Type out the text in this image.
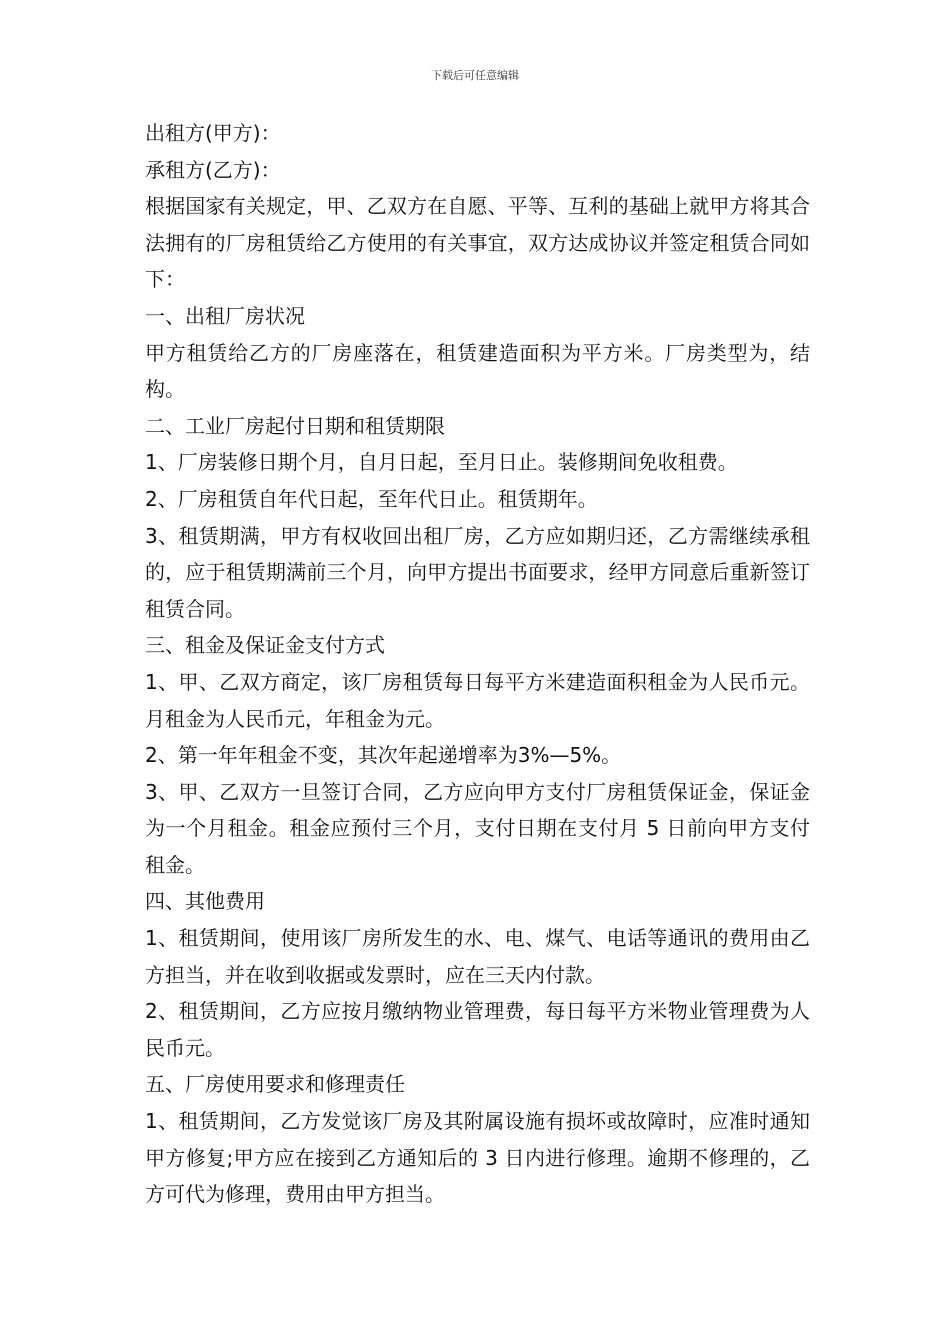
下载后可任意编辑

出租方(甲方)：

承租方(乙方)：

根据国家有关规定，甲、乙双方在自愿、平等、互利的基础上就甲方将其合法拥有的厂房租赁给乙方使用的有关事宜，双方达成协议并签定租赁合同如下：

一、出租厂房状况

甲方租赁给乙方的厂房座落在，租赁建造面积为平方米。厂房类型为，结构。

二、工业厂房起付日期和租赁期限

1、厂房装修日期个月，自月日起，至月日止。装修期间免收租费。

2、厂房租赁自年代日起，至年代日止。租赁期年。

3、租赁期满，甲方有权收回出租厂房，乙方应如期归还，乙方需继续承租的，应于租赁期满前三个月，向甲方提出书面要求，经甲方同意后重新签订租赁合同。

三、租金及保证金支付方式

1、甲、乙双方商定，该厂房租赁每日每平方米建造面积租金为人民币元。月租金为人民币元，年租金为元。

2、第一年年租金不变，其次年起递增率为3%—5%。

3、甲、乙双方一旦签订合同，乙方应向甲方支付厂房租赁保证金，保证金为一个月租金。租金应预付三个月，支付日期在支付月 5 日前向甲方支付租金。

四、其他费用

1、租赁期间，使用该厂房所发生的水、电、煤气、电话等通讯的费用由乙方担当，并在收到收据或发票时，应在三天内付款。

2、租赁期间，乙方应按月缴纳物业管理费，每日每平方米物业管理费为人民币元。

五、厂房使用要求和修理责任

1、租赁期间，乙方发觉该厂房及其附属设施有损坏或故障时，应准时通知甲方修复;甲方应在接到乙方通知后的 3 日内进行修理。逾期不修理的，乙方可代为修理，费用由甲方担当。
